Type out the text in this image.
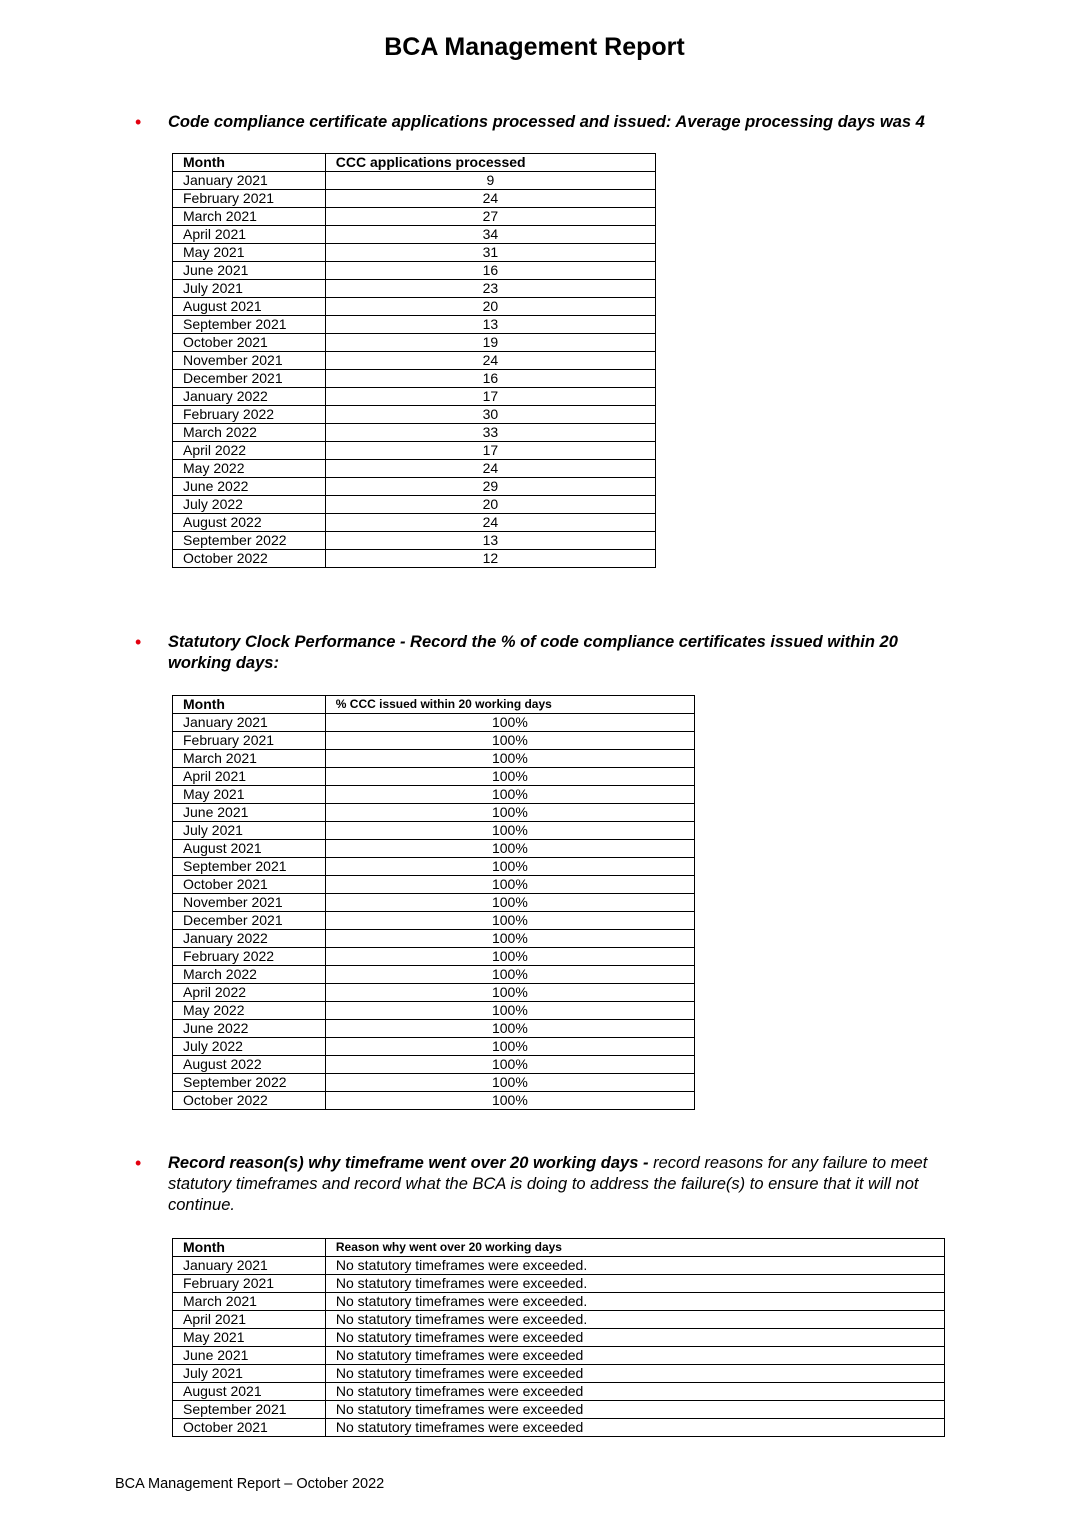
BCA Management Report
• Code compliance certificate applications processed and issued: Average processing days was 4
Month	CCC applications processed
January 2021	9
February 2021	24
March 2021	27
April 2021	34
May 2021	31
June 2021	16
July 2021	23
August 2021	20
September 2021	13
October 2021	19
November 2021	24
December 2021	16
January 2022	17
February 2022	30
March 2022	33
April 2022	17
May 2022	24
June 2022	29
July 2022	20
August 2022	24
September 2022	13
October 2022	12
• Statutory Clock Performance - Record the % of code compliance certificates issued within 20
working days:
Month	% CCC issued within 20 working days
January 2021	100%
February 2021	100%
March 2021	100%
April 2021	100%
May 2021	100%
June 2021	100%
July 2021	100%
August 2021	100%
September 2021	100%
October 2021	100%
November 2021	100%
December 2021	100%
January 2022	100%
February 2022	100%
March 2022	100%
April 2022	100%
May 2022	100%
June 2022	100%
July 2022	100%
August 2022	100%
September 2022	100%
October 2022	100%
• Record reason(s) why timeframe went over 20 working days - record reasons for any failure to meet
statutory timeframes and record what the BCA is doing to address the failure(s) to ensure that it will not
continue.
Month	Reason why went over 20 working days
January 2021	No statutory timeframes were exceeded.
February 2021	No statutory timeframes were exceeded.
March 2021	No statutory timeframes were exceeded.
April 2021	No statutory timeframes were exceeded.
May 2021	No statutory timeframes were exceeded
June 2021	No statutory timeframes were exceeded
July 2021	No statutory timeframes were exceeded
August 2021	No statutory timeframes were exceeded
September 2021	No statutory timeframes were exceeded
October 2021	No statutory timeframes were exceeded
BCA Management Report – October 2022
